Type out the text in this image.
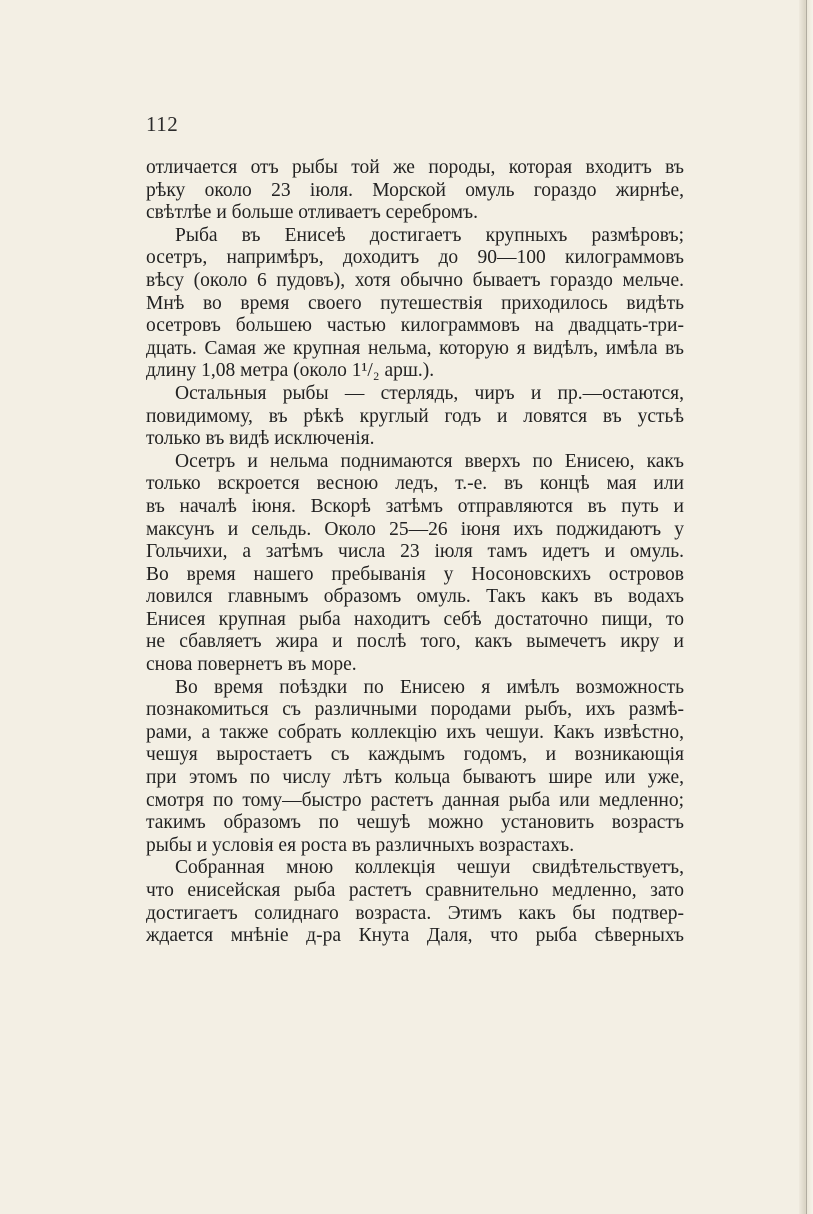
112
отличается отъ рыбы той же породы, которая входитъ въ
рѣку около 23 іюля. Морской омуль гораздо жирнѣе,
свѣтлѣе и больше отливаетъ серебромъ.
Рыба въ Енисеѣ достигаетъ крупныхъ размѣровъ;
осетръ, напримѣръ, доходитъ до 90—100 килограммовъ
вѣсу (около 6 пудовъ), хотя обычно бываетъ гораздо мельче.
Мнѣ во время своего путешествія приходилось видѣть
осетровъ большею частью килограммовъ на двадцать-три-
дцать. Самая же крупная нельма, которую я видѣлъ, имѣла въ
длину 1,08 метра (около 1¹/₂ арш.).
Остальныя рыбы — стерлядь, чиръ и пр.—остаются,
повидимому, въ рѣкѣ круглый годъ и ловятся въ устьѣ
только въ видѣ исключенія.
Осетръ и нельма поднимаются вверхъ по Енисею, какъ
только вскроется весною ледъ, т.-е. въ концѣ мая или
въ началѣ іюня. Вскорѣ затѣмъ отправляются въ путь и
максунъ и сельдь. Около 25—26 іюня ихъ поджидаютъ у
Гольчихи, а затѣмъ числа 23 іюля тамъ идетъ и омуль.
Во время нашего пребыванія у Носоновскихъ островов
ловился главнымъ образомъ омуль. Такъ какъ въ водахъ
Енисея крупная рыба находитъ себѣ достаточно пищи, то
не сбавляетъ жира и послѣ того, какъ вымечетъ икру и
снова повернетъ въ море.
Во время поѣздки по Енисею я имѣлъ возможность
познакомиться съ различными породами рыбъ, ихъ размѣ-
рами, а также собрать коллекцію ихъ чешуи. Какъ извѣстно,
чешуя выростаетъ съ каждымъ годомъ, и возникающія
при этомъ по числу лѣтъ кольца бываютъ шире или уже,
смотря по тому—быстро растетъ данная рыба или медленно;
такимъ образомъ по чешуѣ можно установить возрастъ
рыбы и условія ея роста въ различныхъ возрастахъ.
Собранная мною коллекція чешуи свидѣтельствуетъ,
что енисейская рыба растетъ сравнительно медленно, зато
достигаетъ солиднаго возраста. Этимъ какъ бы подтвер-
ждается мнѣніе д-ра Кнута Даля, что рыба сѣверныхъ
